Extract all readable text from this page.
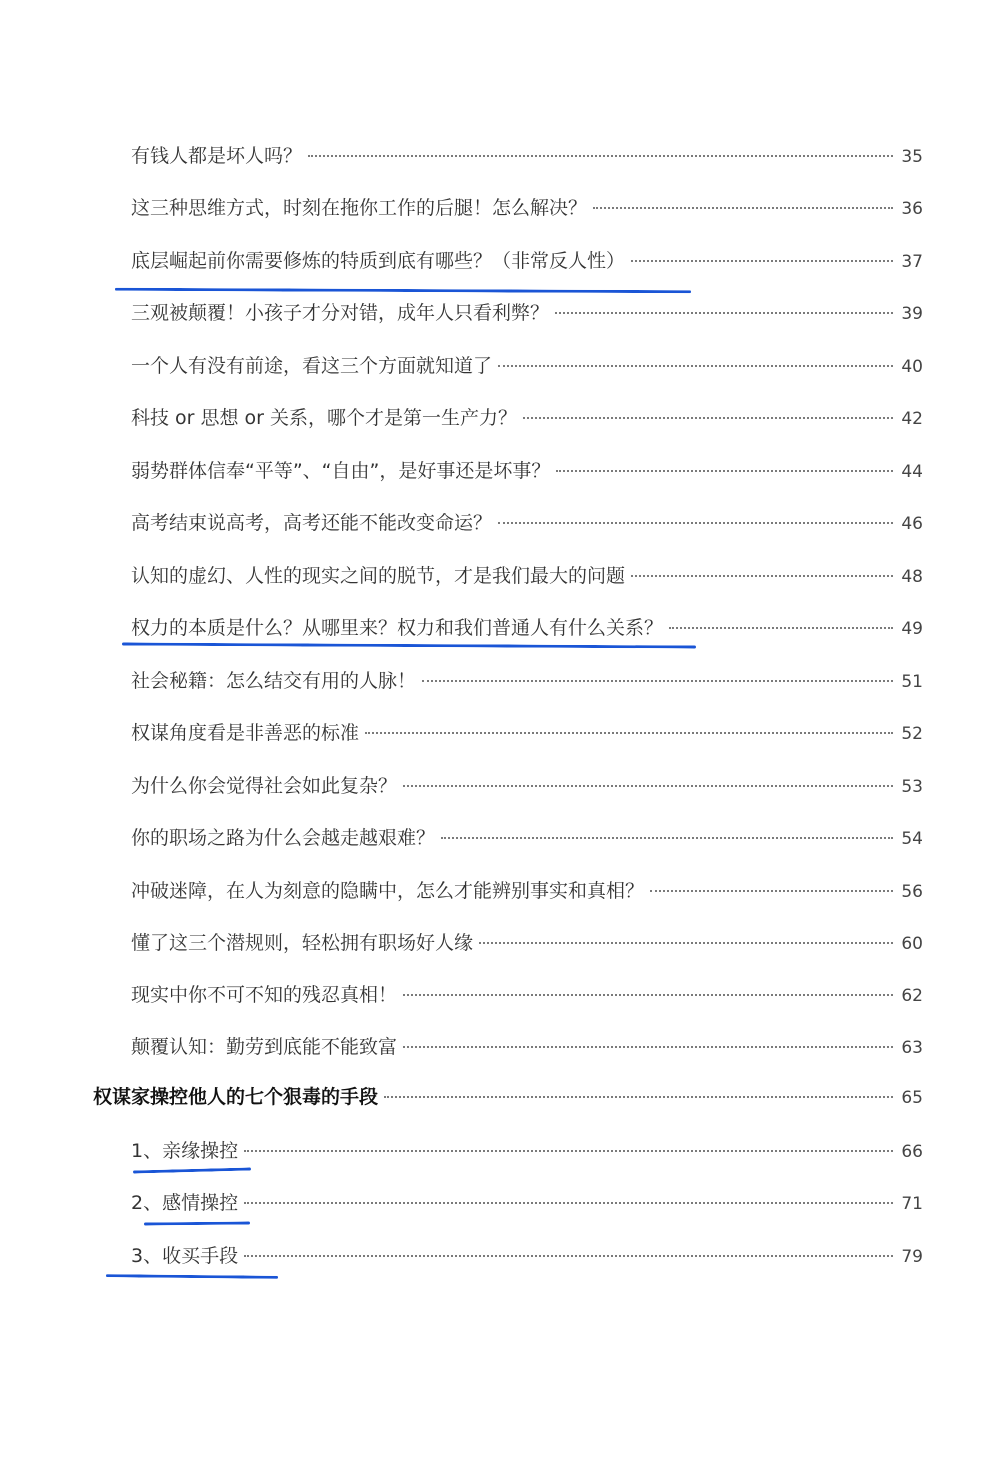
有钱人都是坏人吗？	35
这三种思维方式，时刻在拖你工作的后腿！怎么解决？	36
底层崛起前你需要修炼的特质到底有哪些？（非常反人性）	37
三观被颠覆！小孩子才分对错，成年人只看利弊？	39
一个人有没有前途，看这三个方面就知道了	40
科技 or 思想 or 关系，哪个才是第一生产力？	42
弱势群体信奉“平等”、“自由”，是好事还是坏事？	44
高考结束说高考，高考还能不能改变命运？	46
认知的虚幻、人性的现实之间的脱节，才是我们最大的问题	48
权力的本质是什么？从哪里来？权力和我们普通人有什么关系？	49
社会秘籍：怎么结交有用的人脉！	51
权谋角度看是非善恶的标准	52
为什么你会觉得社会如此复杂？	53
你的职场之路为什么会越走越艰难？	54
冲破迷障，在人为刻意的隐瞒中，怎么才能辨别事实和真相？	56
懂了这三个潜规则，轻松拥有职场好人缘	60
现实中你不可不知的残忍真相！	62
颠覆认知：勤劳到底能不能致富	63
权谋家操控他人的七个狠毒的手段	65
1、亲缘操控	66
2、感情操控	71
3、收买手段	79
